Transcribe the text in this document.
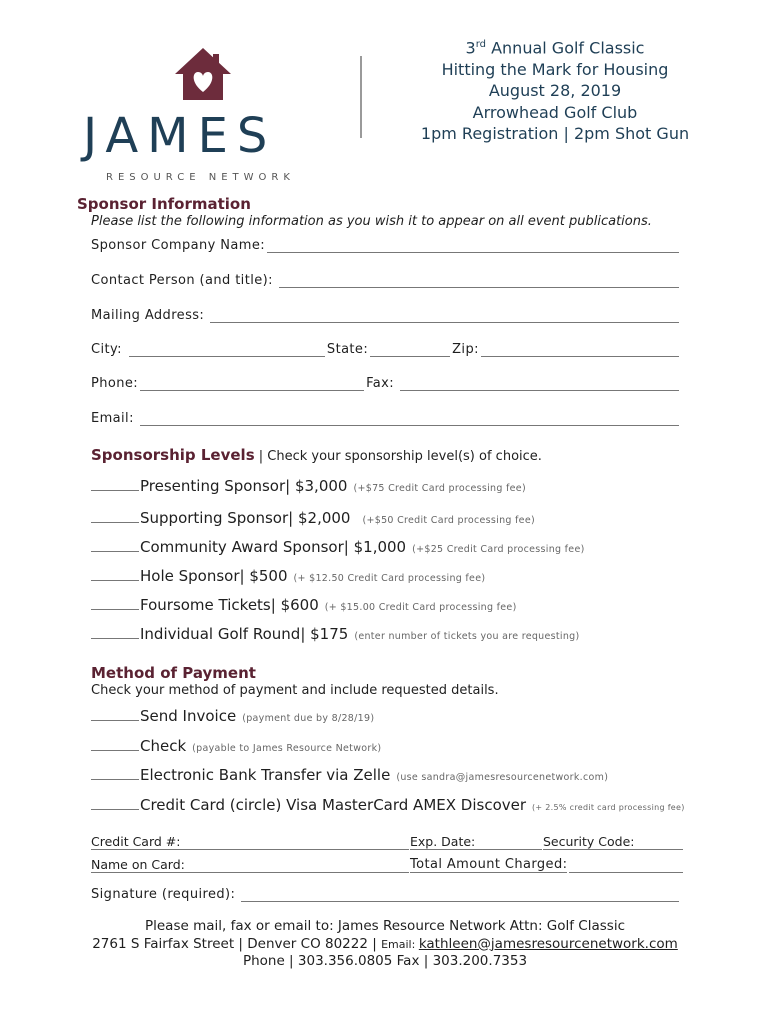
JAMES
RESOURCE NETWORK
3rd Annual Golf Classic
Hitting the Mark for Housing
August 28, 2019
Arrowhead Golf Club
1pm Registration | 2pm Shot Gun
Sponsor Information
Please list the following information as you wish it to appear on all event publications.
Sponsor Company Name:
Contact Person (and title):
Mailing Address:
City:	State:	Zip:
Phone:	Fax:
Email:
Sponsorship Levels | Check your sponsorship level(s) of choice.
Presenting Sponsor | $3,000 (+$75 Credit Card processing fee)
Supporting Sponsor | $2,000 (+$50 Credit Card processing fee)
Community Award Sponsor | $1,000 (+$25 Credit Card processing fee)
Hole Sponsor | $500 (+ $12.50 Credit Card processing fee)
Foursome Tickets | $600 (+ $15.00 Credit Card processing fee)
Individual Golf Round | $175 (enter number of tickets you are requesting)
Method of Payment
Check your method of payment and include requested details.
Send Invoice (payment due by 8/28/19)
Check (payable to James Resource Network)
Electronic Bank Transfer via Zelle (use sandra@jamesresourcenetwork.com)
Credit Card (circle) Visa MasterCard AMEX Discover (+ 2.5% credit card processing fee)
Credit Card #:	Exp. Date:	Security Code:
Name on Card:	Total Amount Charged:
Signature (required):
Please mail, fax or email to: James Resource Network Attn: Golf Classic
2761 S Fairfax Street | Denver CO 80222 | Email: kathleen@jamesresourcenetwork.com
Phone | 303.356.0805 Fax | 303.200.7353
